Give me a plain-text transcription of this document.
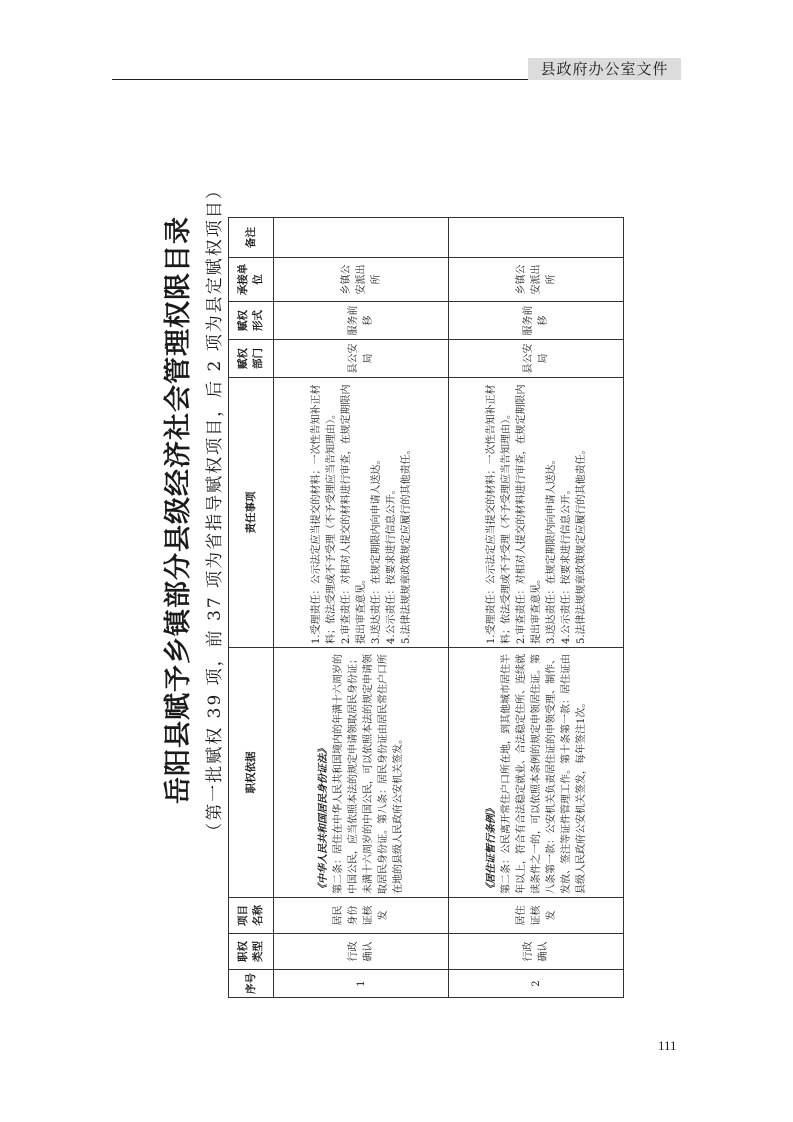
县政府办公室文件
岳阳县赋予乡镇部分县级经济社会管理权限目录 （第一批赋权 39 项，前 37 项为省指导赋权项目，后 2 项为县定赋权项目）
序号	职权类型	项目名称	职权依据	责任事项	赋权部门	赋权形式	承接单位	备注
1	行政确认	居民身份证核发	《中华人民共和国居民身份证法》 第二条：居住在中华人民共和国境内的年满十六周岁的中国公民，应当依照本法的规定申请领取居民身份证；未满十六周岁的中国公民，可以依照本法的规定申请领取居民身份证。第八条：居民身份证由居民常住户口所在地的县级人民政府公安机关签发。	1.受理责任：公示法定应当提交的材料；一次性告知补正材料；依法受理或不予受理（不予受理应当告知理由）。 2.审查责任：对相对人提交的材料进行审查，在规定期限内提出审查意见。 3.送达责任：在规定期限内向申请人送达。 4.公示责任：按要求进行信息公开。 5.法律法规规章政策规定应履行的其他责任。	县公安局	服务前移	乡镇公安派出所	
2	行政确认	居住证核发	《居住证暂行条例》 第二条：公民离开常住户口所在地，到其他城市居住半年以上，符合有合法稳定就业、合法稳定住所、连续就读条件之一的，可以依照本条例的规定申领居住证。第八条第一款：公安机关负责居住证的申领受理、制作、发放、签注等证件管理工作。第十条第一款：居住证由县级人民政府公安机关签发，每年签注1次。	1.受理责任：公示法定应当提交的材料；一次性告知补正材料；依法受理或不予受理（不予受理应当告知理由）。 2.审查责任：对相对人提交的材料进行审查，在规定期限内提出审查意见。 3.送达责任：在规定期限内向申请人送达。 4.公示责任：按要求进行信息公开。 5.法律法规规章政策规定应履行的其他责任。	县公安局	服务前移	乡镇公安派出所	
111
